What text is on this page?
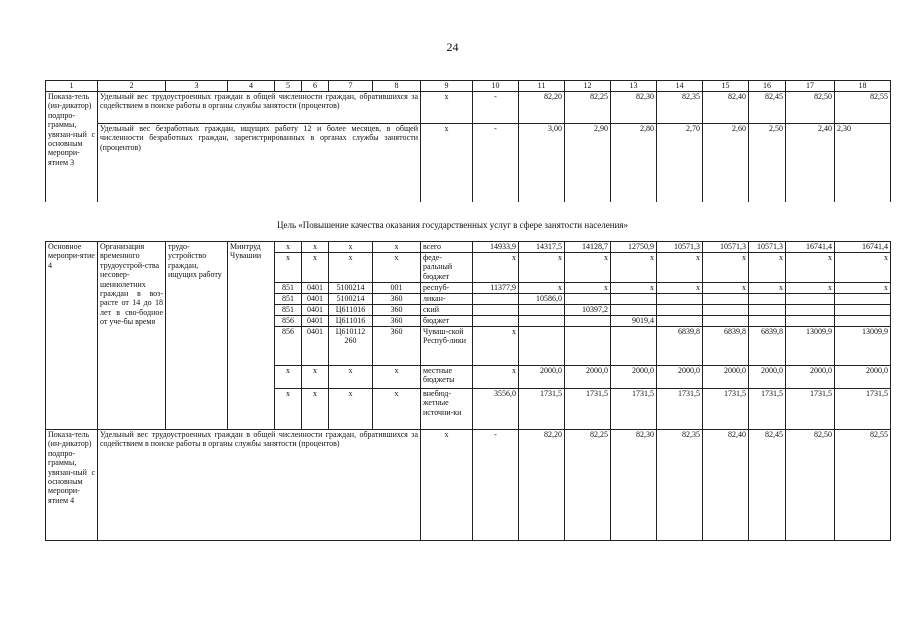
24
1	2	3	4	5	6	7	8	9	10	11	12	13	14	15	16	17	18
Показа-тель (ин-дикатор) подпро-граммы, увязан-ный с основным меропри-ятием 3	Удельный вес трудоустроенных граждан в общей численности граждан, обратившихся за содействием в поиске работы в органы службы занятости (процентов)							x	-	82,20	82,25	82,30	82,35	82,40	82,45	82,50	82,55
	Удельный вес безработных граждан, ищущих работу 12 и более месяцев, в общей численности безработных граждан, зарегистрированных в органах службы занятости (процентов)							x	-	3,00	2,90	2,80	2,70	2,60	2,50	2,40	2,30
Цель «Повышение качества оказания государственных услуг в сфере занятости населения»
Основное меропри-ятие 4	Организация временного трудоустрой-ства несовер-шеннолетних граждан в воз-расте от 14 до 18 лет в сво-бодное от уче-бы время	трудо-устройство граждан, ищущих работу	Минтруд Чувашии	x	x	x	x	всего	14933,9	14317,5	14128,7	12750,9	10571,3	10571,3	10571,3	16741,4	16741,4
				x	x	x	x	феде-ральный бюджет	x	x	x	x	x	x	x	x	x
				851	0401	5100214	001	респуб-	11377,9	x	x	x	x	x	x	x	x
				851	0401	5100214	360	ликан-		10586,0							
				851	0401	Ц611016	360	ский			10397,2						
				856	0401	Ц611016	360	бюджет				9019,4					
				856	0401	Ц610112 260	360	Чуваш-ской Респуб-лики	x				6839,8	6839,8	6839,8	13009,9	13009,9
				x	x	x	x	местные бюджеты	x	2000,0	2000,0	2000,0	2000,0	2000,0	2000,0	2000,0	2000,0
				x	x	x	x	внебюд-жетные источни-ки	3556,0	1731,5	1731,5	1731,5	1731,5	1731,5	1731,5	1731,5	1731,5
Показа-тель (ин-дикатор) подпро-граммы, увязан-ный с основным меропри-ятием 4	Удельный вес трудоустроенных граждан в общей численности граждан, обратившихся за содействием в поиске работы в органы службы занятости (процентов)							x	-	82,20	82,25	82,30	82,35	82,40	82,45	82,50	82,55
